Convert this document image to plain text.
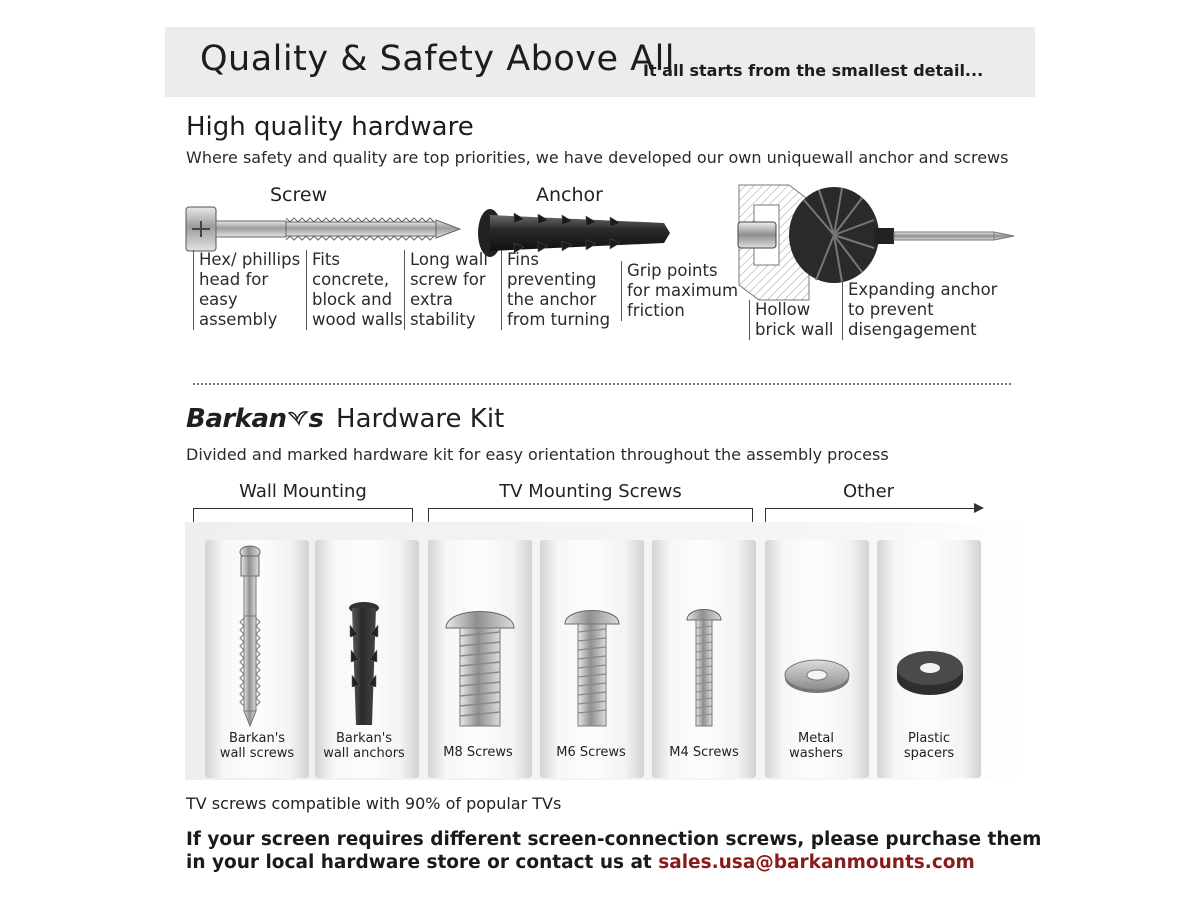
Quality & Safety Above All
It all starts from the smallest detail...
High quality hardware
Where safety and quality are top priorities, we have developed our own uniquewall anchor and screws
Screw	Anchor
Hex/ phillips
head for
easy
assembly
Fits
concrete,
block and
wood walls
Long wall
screw for
extra
stability
Fins
preventing
the anchor
from turning
Grip points
for maximum
friction	Hollow
brick wall
Expanding anchor
to prevent
disengagement
Barkan s Hardware Kit
Divided and marked hardware kit for easy orientation throughout the assembly process
Wall Mounting	TV Mounting Screws	Other
Barkan's
wall screws
Barkan's
wall anchors	M8 Screws	M6 Screws	M4 Screws
Metal
washers
Plastic
spacers
TV screws compatible with 90% of popular TVs
If your screen requires different screen-connection screws, please purchase them
in your local hardware store or contact us at sales.usa@barkanmounts.com
